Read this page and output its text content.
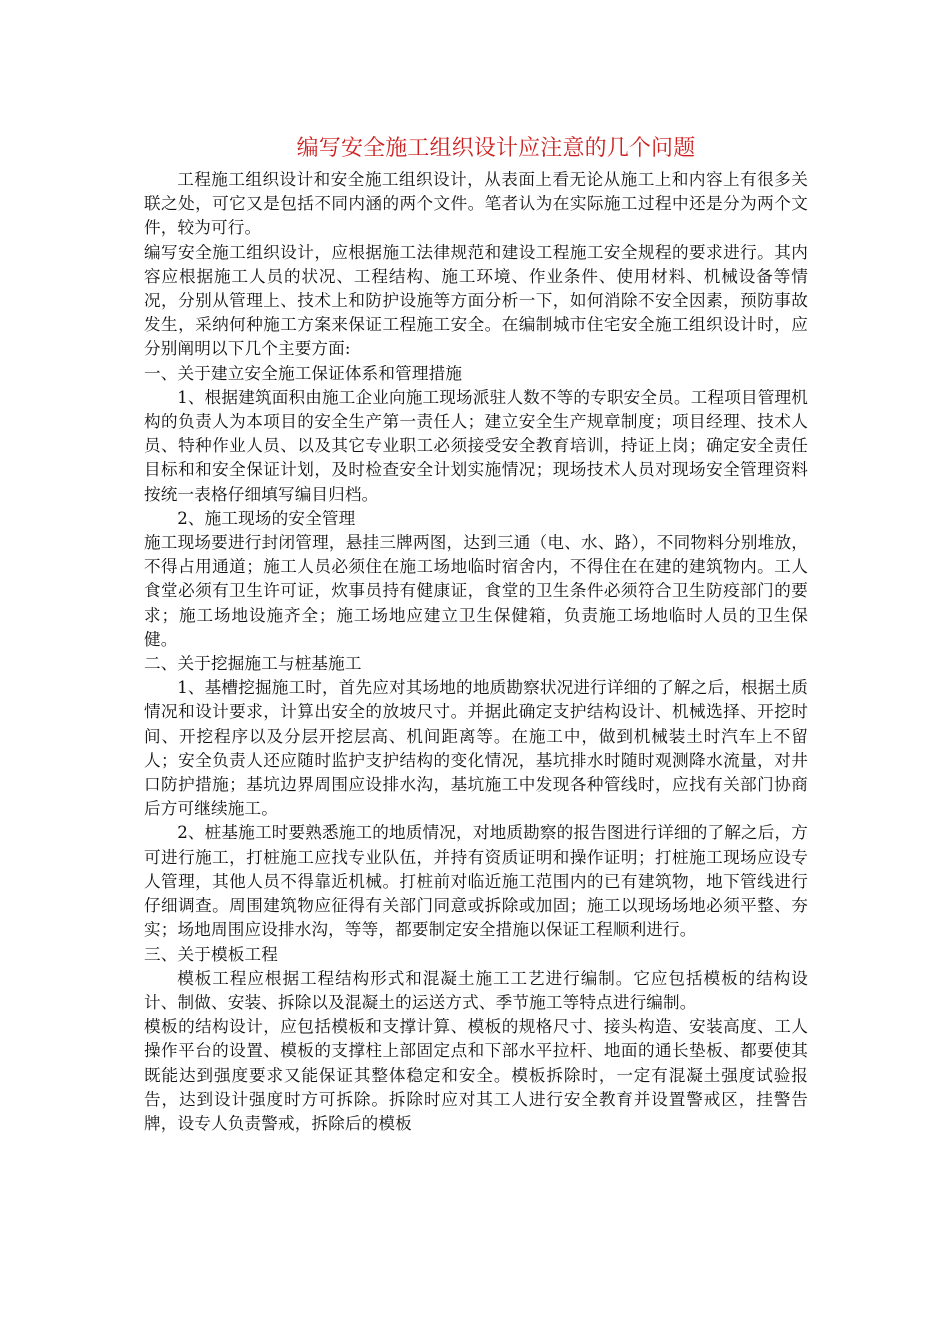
编写安全施工组织设计应注意的几个问题

工程施工组织设计和安全施工组织设计，从表面上看无论从施工上和内容上有很多关联之处，可它又是包括不同内涵的两个文件。笔者认为在实际施工过程中还是分为两个文件，较为可行。

编写安全施工组织设计，应根据施工法律规范和建设工程施工安全规程的要求进行。其内容应根据施工人员的状况、工程结构、施工环境、作业条件、使用材料、机械设备等情况，分别从管理上、技术上和防护设施等方面分析一下，如何消除不安全因素，预防事故发生，采纳何种施工方案来保证工程施工安全。在编制城市住宅安全施工组织设计时，应分别阐明以下几个主要方面:

一、关于建立安全施工保证体系和管理措施

1、根据建筑面积由施工企业向施工现场派驻人数不等的专职安全员。工程项目管理机构的负责人为本项目的安全生产第一责任人；建立安全生产规章制度；项目经理、技术人员、特种作业人员、以及其它专业职工必须接受安全教育培训，持证上岗；确定安全责任目标和和安全保证计划，及时检查安全计划实施情况；现场技术人员对现场安全管理资料按统一表格仔细填写编目归档。

2、施工现场的安全管理

施工现场要进行封闭管理，悬挂三牌两图，达到三通（电、水、路），不同物料分别堆放，不得占用通道；施工人员必须住在施工场地临时宿舍内，不得住在在建的建筑物内。工人食堂必须有卫生许可证，炊事员持有健康证，食堂的卫生条件必须符合卫生防疫部门的要求；施工场地设施齐全；施工场地应建立卫生保健箱，负责施工场地临时人员的卫生保健。

二、关于挖掘施工与桩基施工

1、基槽挖掘施工时，首先应对其场地的地质勘察状况进行详细的了解之后，根据土质情况和设计要求，计算出安全的放坡尺寸。并据此确定支护结构设计、机械选择、开挖时间、开挖程序以及分层开挖层高、机间距离等。在施工中，做到机械装土时汽车上不留人；安全负责人还应随时监护支护结构的变化情况，基坑排水时随时观测降水流量，对井口防护措施；基坑边界周围应设排水沟，基坑施工中发现各种管线时，应找有关部门协商后方可继续施工。

2、桩基施工时要熟悉施工的地质情况，对地质勘察的报告图进行详细的了解之后，方可进行施工，打桩施工应找专业队伍，并持有资质证明和操作证明；打桩施工现场应设专人管理，其他人员不得靠近机械。打桩前对临近施工范围内的已有建筑物，地下管线进行仔细调查。周围建筑物应征得有关部门同意或拆除或加固；施工以现场场地必须平整、夯实；场地周围应设排水沟，等等，都要制定安全措施以保证工程顺利进行。

三、关于模板工程

模板工程应根据工程结构形式和混凝土施工工艺进行编制。它应包括模板的结构设计、制做、安装、拆除以及混凝土的运送方式、季节施工等特点进行编制。

模板的结构设计，应包括模板和支撑计算、模板的规格尺寸、接头构造、安装高度、工人操作平台的设置、模板的支撑柱上部固定点和下部水平拉杆、地面的通长垫板、都要使其既能达到强度要求又能保证其整体稳定和安全。模板拆除时，一定有混凝土强度试验报告，达到设计强度时方可拆除。拆除时应对其工人进行安全教育并设置警戒区，挂警告牌，设专人负责警戒，拆除后的模板
